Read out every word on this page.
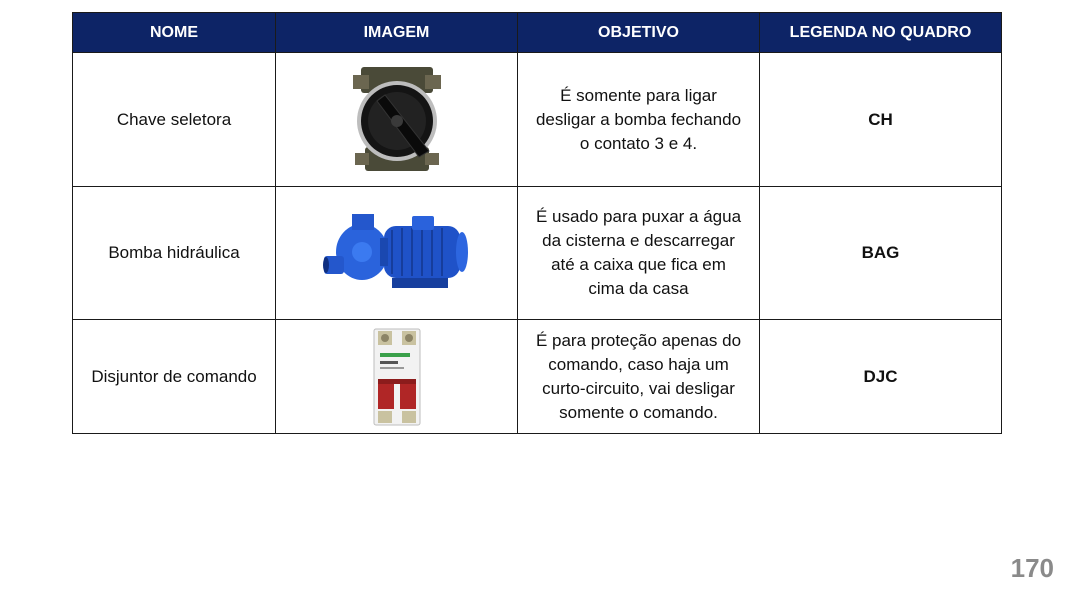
NOME	IMAGEM	OBJETIVO	LEGENDA NO QUADRO
Chave seletora		É somente para ligar
desligar a bomba fechando
o contato 3 e 4.	CH
Bomba hidráulica		É usado para puxar a água
da cisterna e descarregar
até a caixa que fica em
cima da casa	BAG
Disjuntor de comando		É para proteção apenas do
comando, caso haja um
curto-circuito, vai desligar
somente o comando.	DJC
170
